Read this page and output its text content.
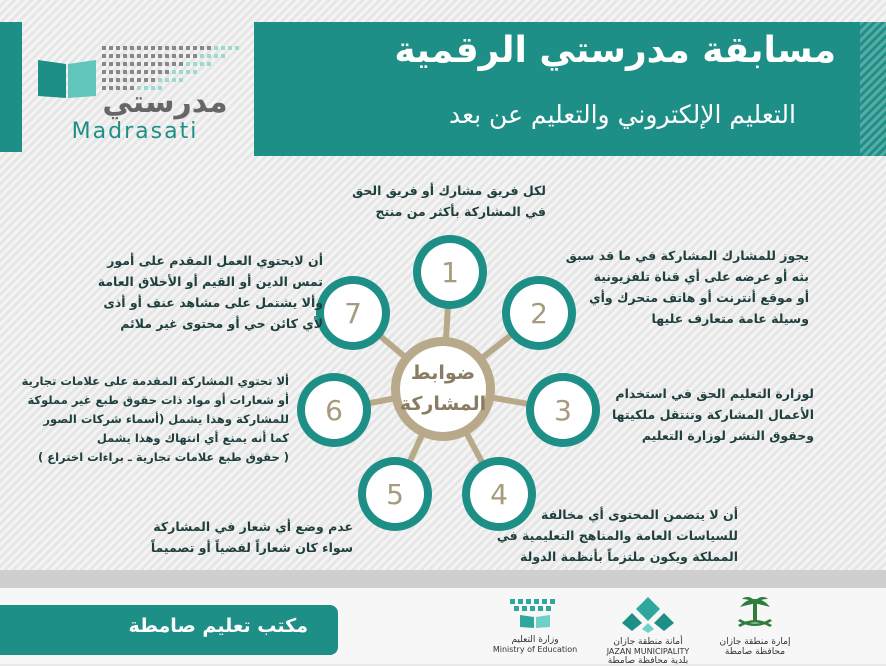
مدرستي
Madrasati
مسابقة مدرستي الرقمية
التعليم الإلكتروني والتعليم عن بعد
1
2
3
4
5
6
7
ضوابط
المشاركة
لكل فريق مشارك أو فريق الحق
في المشاركة بأكثر من منتج
يجوز للمشارك المشاركة في ما قد سبق
بثه أو عرضه على أي قناة تلفزيونية
أو موقع أنترنت أو هاتف متحرك وأي
وسيلة عامة متعارف عليها
لوزارة التعليم الحق في استخدام
الأعمال المشاركة وتنتقل ملكيتها
وحقوق النشر لوزارة التعليم
أن لا يتضمن المحتوى أي مخالفة
للسياسات العامة والمناهج التعليمية في
المملكة ويكون ملتزماً بأنظمة الدولة
عدم وضع أي شعار في المشاركة
سواء كان شعاراً لفضياً أو تصميماً
ألا تحتوي المشاركة المقدمة على علامات تجارية
أو شعارات أو مواد ذات حقوق طبع غير مملوكة
للمشاركة وهذا يشمل (أسماء شركات الصور
كما أنه يمنع أي انتهاك وهذا يشمل
( حقوق طبع علامات تجارية ـ براءات اختراع )
أن لايحتوي العمل المقدم على أمور
تمس الدين أو القيم أو الأخلاق العامة
وألا يشتمل على مشاهد عنف أو أذى
لأي كائن حي أو محتوى غير ملائم
مكتب تعليم صامطة
وزارة التعليم
Ministry of Education
أمانة منطقة جازان
JAZAN MUNICIPALITY
بلدية محافظة صامطة
إمارة منطقة جازان
محافظة صامطة
